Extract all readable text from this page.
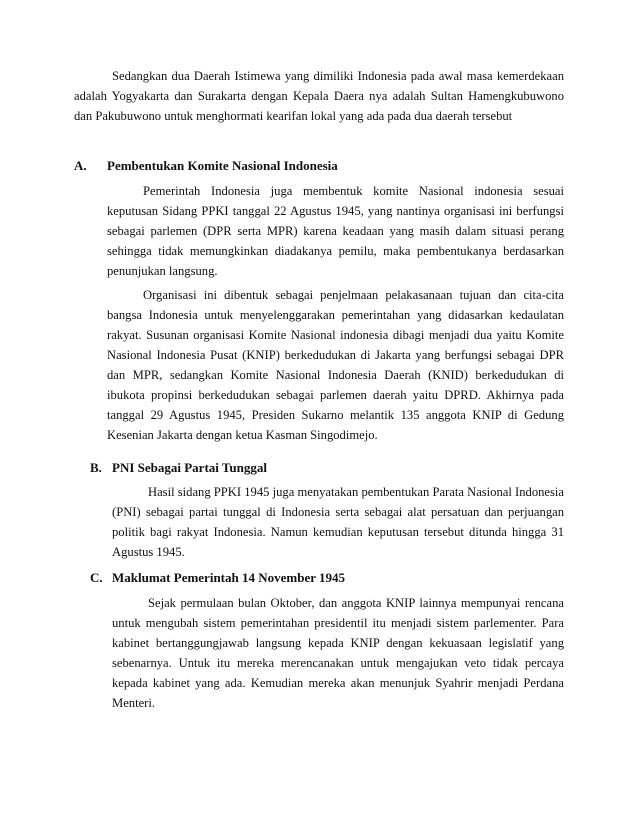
Sedangkan dua Daerah Istimewa yang dimiliki Indonesia pada awal masa kemerdekaan adalah Yogyakarta dan Surakarta dengan Kepala Daera nya adalah Sultan Hamengkubuwono dan Pakubuwono untuk menghormati kearifan lokal yang ada pada dua daerah tersebut

A. Pembentukan Komite Nasional Indonesia

Pemerintah Indonesia juga membentuk komite Nasional indonesia sesuai keputusan Sidang PPKI tanggal 22 Agustus 1945, yang nantinya organisasi ini berfungsi sebagai parlemen (DPR serta MPR) karena keadaan yang masih dalam situasi perang sehingga tidak memungkinkan diadakanya pemilu, maka pembentukanya berdasarkan penunjukan langsung.

Organisasi ini dibentuk sebagai penjelmaan pelakasanaan tujuan dan cita-cita bangsa Indonesia untuk menyelenggarakan pemerintahan yang didasarkan kedaulatan rakyat. Susunan organisasi Komite Nasional indonesia dibagi menjadi dua yaitu Komite Nasional Indonesia Pusat (KNIP) berkedudukan di Jakarta yang berfungsi sebagai DPR dan MPR, sedangkan Komite Nasional Indonesia Daerah (KNID) berkedudukan di ibukota propinsi berkedudukan sebagai parlemen daerah yaitu DPRD. Akhirnya pada tanggal 29 Agustus 1945, Presiden Sukarno melantik 135 anggota KNIP di Gedung Kesenian Jakarta dengan ketua Kasman Singodimejo.

B. PNI Sebagai Partai Tunggal

Hasil sidang PPKI 1945 juga menyatakan pembentukan Parata Nasional Indonesia (PNI) sebagai partai tunggal di Indonesia serta sebagai alat persatuan dan perjuangan politik bagi rakyat Indonesia. Namun kemudian keputusan tersebut ditunda hingga 31 Agustus 1945.

C. Maklumat Pemerintah 14 November 1945

Sejak permulaan bulan Oktober, dan anggota KNIP lainnya mempunyai rencana untuk mengubah sistem pemerintahan presidentil itu menjadi sistem parlementer. Para kabinet bertanggungjawab langsung kepada KNIP dengan kekuasaan legislatif yang sebenarnya. Untuk itu mereka merencanakan untuk mengajukan veto tidak percaya kepada kabinet yang ada. Kemudian mereka akan menunjuk Syahrir menjadi Perdana Menteri.
